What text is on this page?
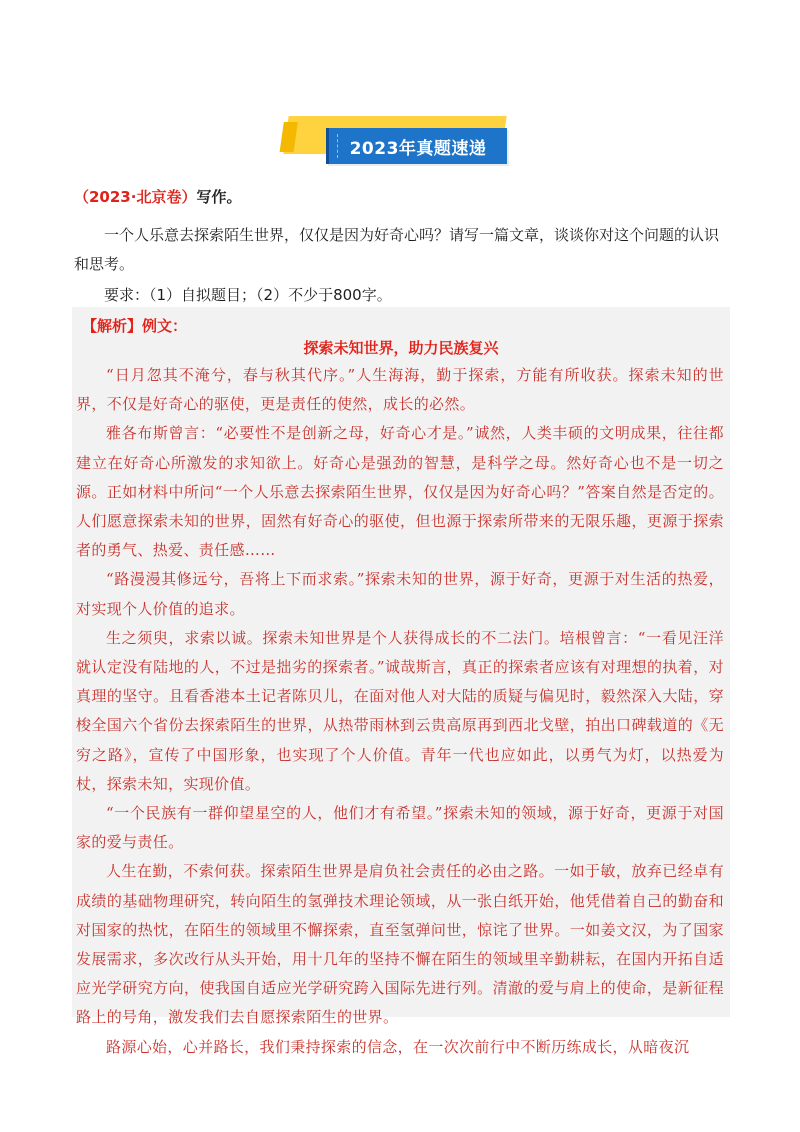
2023年真题速递
（2023·北京卷）写作。

一个人乐意去探索陌生世界，仅仅是因为好奇心吗？请写一篇文章，谈谈你对这个问题的认识和思考。

要求：（1）自拟题目；（2）不少于800字。
【解析】例文：
探索未知世界，助力民族复兴

“日月忽其不淹兮，春与秋其代序。”人生海海，勤于探索，方能有所收获。探索未知的世界，不仅是好奇心的驱使，更是责任的使然，成长的必然。

雅各布斯曾言：“必要性不是创新之母，好奇心才是。”诚然，人类丰硕的文明成果，往往都建立在好奇心所激发的求知欲上。好奇心是强劲的智慧，是科学之母。然好奇心也不是一切之源。正如材料中所问“一个人乐意去探索陌生世界，仅仅是因为好奇心吗？”答案自然是否定的。人们愿意探索未知的世界，固然有好奇心的驱使，但也源于探索所带来的无限乐趣，更源于探索者的勇气、热爱、责任感……

“路漫漫其修远兮，吾将上下而求索。”探索未知的世界，源于好奇，更源于对生活的热爱，对实现个人价值的追求。

生之须臾，求索以诚。探索未知世界是个人获得成长的不二法门。培根曾言：“一看见汪洋就认定没有陆地的人，不过是拙劣的探索者。”诚哉斯言，真正的探索者应该有对理想的执着，对真理的坚守。且看香港本土记者陈贝儿，在面对他人对大陆的质疑与偏见时，毅然深入大陆，穿梭全国六个省份去探索陌生的世界，从热带雨林到云贵高原再到西北戈壁，拍出口碑载道的《无穷之路》，宣传了中国形象，也实现了个人价值。青年一代也应如此，以勇气为灯，以热爱为杖，探索未知，实现价值。

“一个民族有一群仰望星空的人，他们才有希望。”探索未知的领域，源于好奇，更源于对国家的爱与责任。

人生在勤，不索何获。探索陌生世界是肩负社会责任的必由之路。一如于敏，放弃已经卓有成绩的基础物理研究，转向陌生的氢弹技术理论领域，从一张白纸开始，他凭借着自己的勤奋和对国家的热忱，在陌生的领域里不懈探索，直至氢弹问世，惊诧了世界。一如姜文汉，为了国家发展需求，多次改行从头开始，用十几年的坚持不懈在陌生的领域里辛勤耕耘，在国内开拓自适应光学研究方向，使我国自适应光学研究跨入国际先进行列。清澈的爱与肩上的使命，是新征程路上的号角，激发我们去自愿探索陌生的世界。

路源心始，心并路长，我们秉持探索的信念，在一次次前行中不断历练成长，从暗夜沉
